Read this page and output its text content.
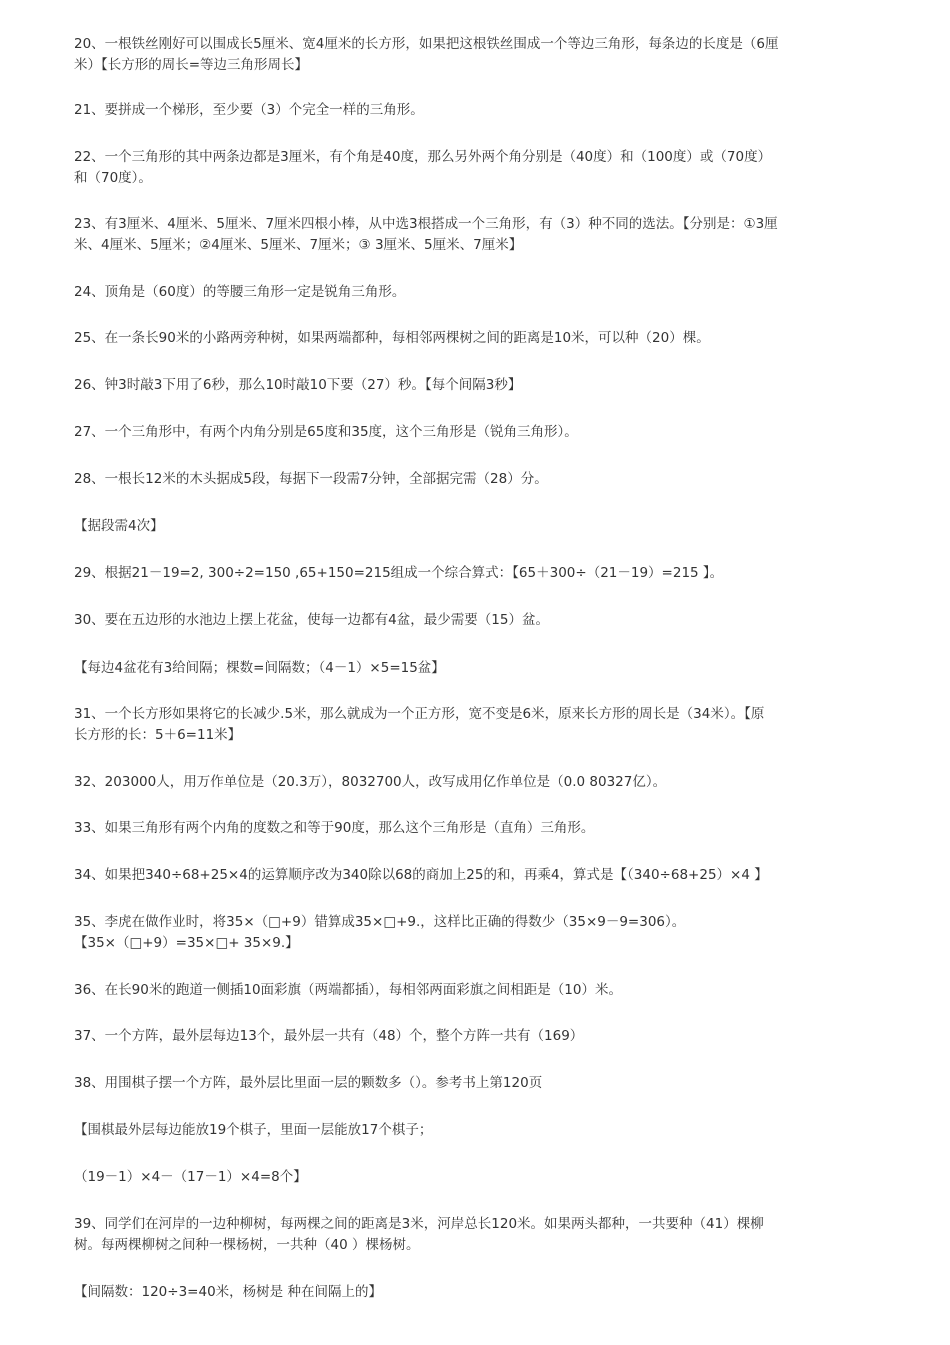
20、一根铁丝刚好可以围成长5厘米、宽4厘米的长方形，如果把这根铁丝围成一个等边三角形，每条边的长度是（6厘
米）【长方形的周长=等边三角形周长】
21、要拼成一个梯形，至少要（3）个完全一样的三角形。
22、一个三角形的其中两条边都是3厘米，有个角是40度，那么另外两个角分别是（40度）和（100度）或（70度）
和（70度）。
23、有3厘米、4厘米、5厘米、7厘米四根小棒，从中选3根搭成一个三角形，有（3）种不同的选法。【分别是：①3厘
米、4厘米、5厘米；②4厘米、5厘米、7厘米；③ 3厘米、5厘米、7厘米】
24、顶角是（60度）的等腰三角形一定是锐角三角形。
25、在一条长90米的小路两旁种树，如果两端都种，每相邻两棵树之间的距离是10米，可以种（20）棵。
26、钟3时敲3下用了6秒，那么10时敲10下要（27）秒。【每个间隔3秒】
27、一个三角形中，有两个内角分别是65度和35度，这个三角形是（锐角三角形）。
28、一根长12米的木头据成5段，每据下一段需7分钟，全部据完需（28）分。
【据段需4次】
29、根据21－19=2, 300÷2=150 ,65+150=215组成一个综合算式：【65＋300÷（21－19）=215 】。
30、要在五边形的水池边上摆上花盆，使每一边都有4盆，最少需要（15）盆。
【每边4盆花有3给间隔；棵数=间隔数；（4－1）×5=15盆】
31、一个长方形如果将它的长减少.5米，那么就成为一个正方形，宽不变是6米，原来长方形的周长是（34米）。【原
长方形的长：5＋6=11米】
32、203000人，用万作单位是（20.3万），8032700人，改写成用亿作单位是（0.0 80327亿）。
33、如果三角形有两个内角的度数之和等于90度，那么这个三角形是（直角）三角形。
34、如果把340÷68+25×4的运算顺序改为340除以68的商加上25的和，再乘4，算式是【（340÷68+25）×4 】
35、李虎在做作业时，将35×（□+9）错算成35×□+9.，这样比正确的得数少（35×9－9=306）。
【35×（□+9）=35×□+ 35×9.】
36、在长90米的跑道一侧插10面彩旗（两端都插），每相邻两面彩旗之间相距是（10）米。
37、一个方阵，最外层每边13个，最外层一共有（48）个，整个方阵一共有（169）
38、用围棋子摆一个方阵，最外层比里面一层的颗数多（）。参考书上第120页
【围棋最外层每边能放19个棋子，里面一层能放17个棋子；
（19－1）×4－（17－1）×4=8个】
39、同学们在河岸的一边种柳树，每两棵之间的距离是3米，河岸总长120米。如果两头都种，一共要种（41）棵柳
树。每两棵柳树之间种一棵杨树，一共种（40 ）棵杨树。
【间隔数：120÷3=40米，杨树是 种在间隔上的】
